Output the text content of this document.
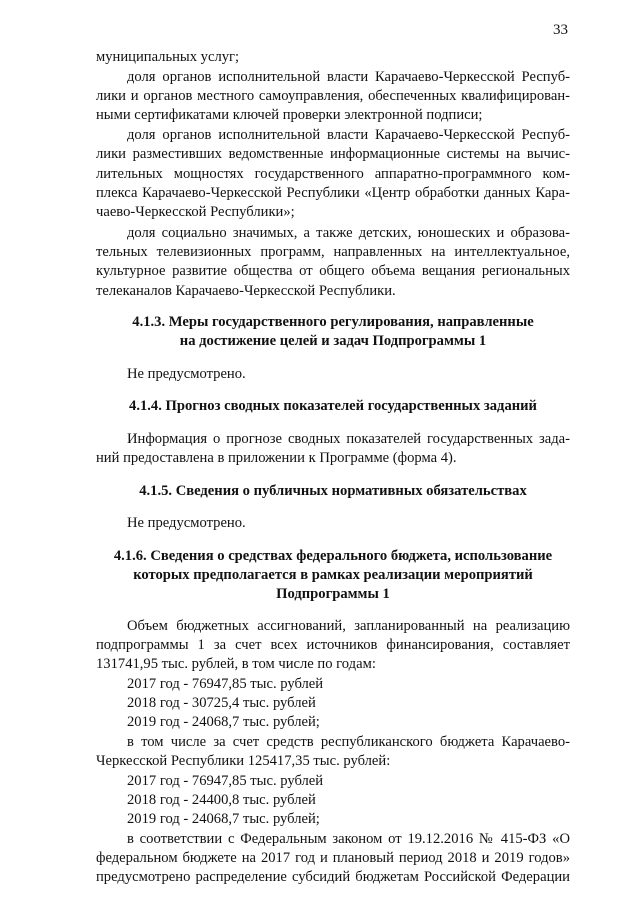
33
муниципальных услуг;
доля органов исполнительной власти Карачаево-Черкесской Респуб-
лики и органов местного самоуправления, обеспеченных квалифицирован-
ными сертификатами ключей проверки электронной подписи;
доля органов исполнительной власти Карачаево-Черкесской Респуб-
лики разместивших ведомственные информационные системы на вычис-
лительных мощностях государственного аппаратно-программного ком-
плекса Карачаево-Черкесской Республики «Центр обработки данных Кара-
чаево-Черкесской Республики»;
доля социально значимых, а также детских, юношеских и образова-
тельных телевизионных программ, направленных на интеллектуальное,
культурное развитие общества от общего объема вещания региональных
телеканалов Карачаево-Черкесской Республики.
4.1.3. Меры государственного регулирования, направленные
на достижение целей и задач Подпрограммы 1
Не предусмотрено.
4.1.4. Прогноз сводных показателей государственных заданий
Информация о прогнозе сводных показателей государственных зада-
ний предоставлена в приложении к Программе (форма 4).
4.1.5. Сведения о публичных нормативных обязательствах
Не предусмотрено.
4.1.6. Сведения о средствах федерального бюджета, использование
которых предполагается в рамках реализации мероприятий
Подпрограммы 1
Объем бюджетных ассигнований, запланированный на реализацию
подпрограммы 1 за счет всех источников финансирования, составляет
131741,95 тыс. рублей, в том числе по годам:
2017 год - 76947,85 тыс. рублей
2018 год - 30725,4 тыс. рублей
2019 год - 24068,7 тыс. рублей;
в том числе за счет средств республиканского бюджета Карачаево-
Черкесской Республики 125417,35 тыс. рублей:
2017 год - 76947,85 тыс. рублей
2018 год - 24400,8 тыс. рублей
2019 год - 24068,7 тыс. рублей;
в соответствии с Федеральным законом от 19.12.2016 № 415-ФЗ «О
федеральном бюджете на 2017 год и плановый период 2018 и 2019 годов»
предусмотрено распределение субсидий бюджетам Российской Федерации
